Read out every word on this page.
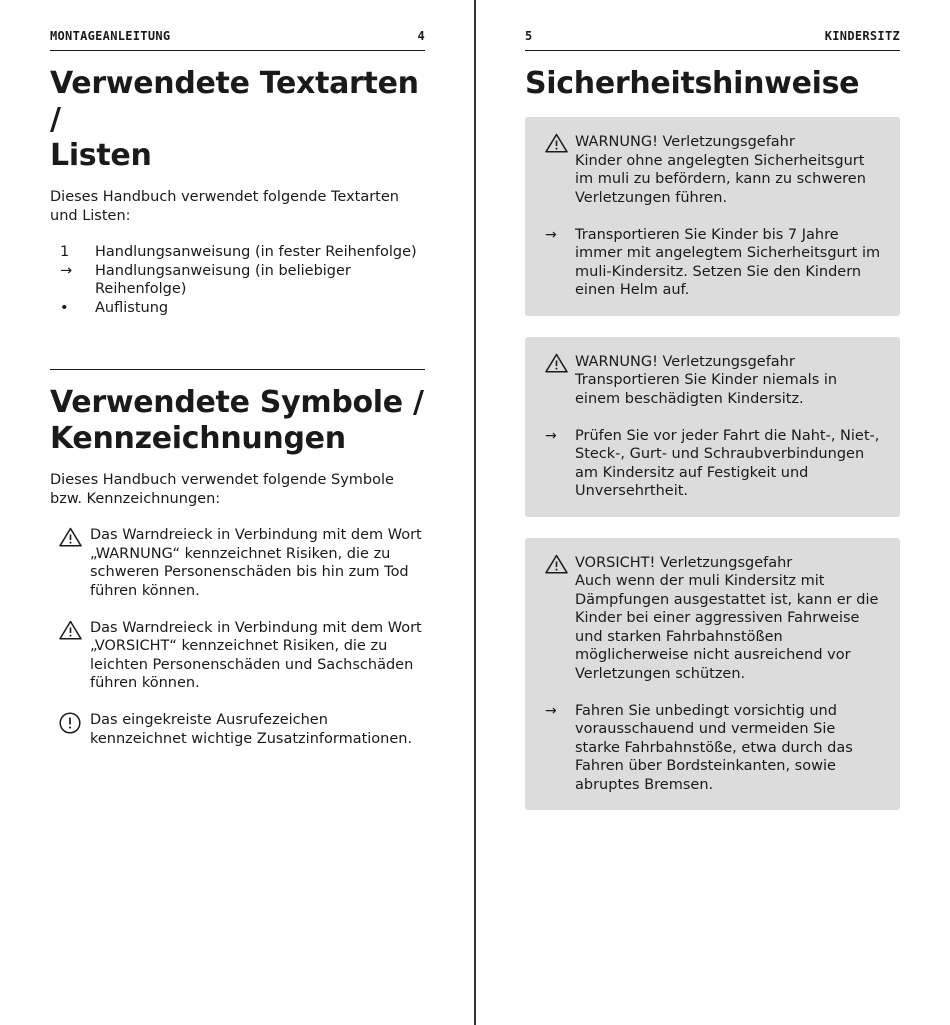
MONTAGEANLEITUNG	4
Verwendete Textarten /
Listen

Dieses Handbuch verwendet folgende Textarten und Listen:

1	Handlungsanweisung (in fester Reihenfolge)
→	Handlungsanweisung (in beliebiger Reihenfolge)
•	Auflistung
Verwendete Symbole /
Kennzeichnungen

Dieses Handbuch verwendet folgende Symbole bzw. Kennzeichnungen:

Das Warndreieck in Verbindung mit dem Wort „WARNUNG“ kennzeichnet Risiken, die zu schweren Personenschäden bis hin zum Tod führen können.
Das Warndreieck in Verbindung mit dem Wort „VORSICHT“ kennzeichnet Risiken, die zu leichten Personenschäden und Sachschäden führen können.
Das eingekreiste Ausrufezeichen kennzeichnet wichtige Zusatzinformationen.
5	KINDERSITZ
Sicherheitshinweise
WARNUNG! Verletzungsgefahr
Kinder ohne angelegten Sicherheitsgurt im muli zu befördern, kann zu schweren Verletzungen führen.
→	Transportieren Sie Kinder bis 7 Jahre immer mit angelegtem Sicherheitsgurt im muli-Kindersitz. Setzen Sie den Kindern einen Helm auf.
WARNUNG! Verletzungsgefahr
Transportieren Sie Kinder niemals in einem beschädigten Kindersitz.
→	Prüfen Sie vor jeder Fahrt die Naht-, Niet-, Steck-, Gurt- und Schraubverbindungen am Kindersitz auf Festigkeit und Unversehrtheit.
VORSICHT! Verletzungsgefahr
Auch wenn der muli Kindersitz mit Dämpfungen ausgestattet ist, kann er die Kinder bei einer aggressiven Fahrweise und starken Fahrbahnstößen möglicherweise nicht ausreichend vor Verletzungen schützen.
→	Fahren Sie unbedingt vorsichtig und vorausschauend und vermeiden Sie starke Fahrbahnstöße, etwa durch das Fahren über Bordsteinkanten, sowie abruptes Bremsen.
